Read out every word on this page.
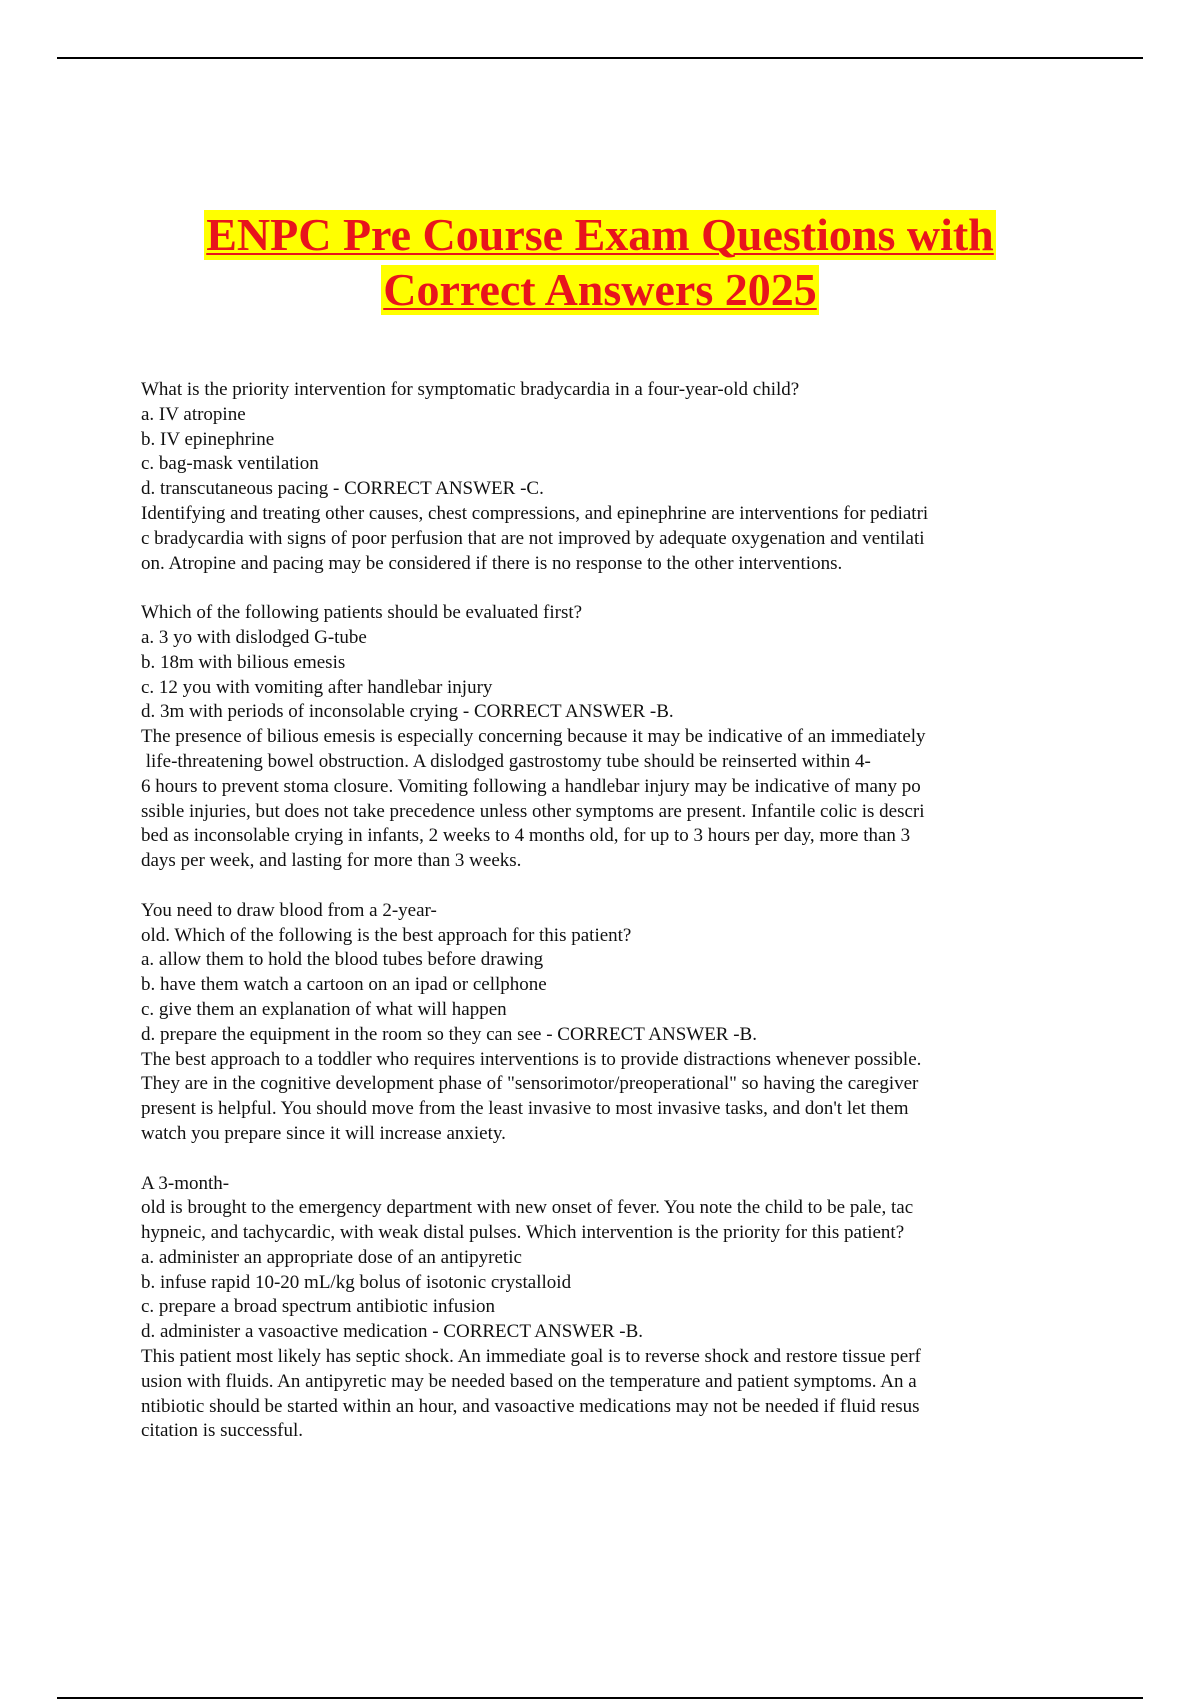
ENPC Pre Course Exam Questions with
Correct Answers 2025
What is the priority intervention for symptomatic bradycardia in a four-year-old child?
a. IV atropine
b. IV epinephrine
c. bag-mask ventilation
d. transcutaneous pacing - CORRECT ANSWER -C.
Identifying and treating other causes, chest compressions, and epinephrine are interventions for pediatri
c bradycardia with signs of poor perfusion that are not improved by adequate oxygenation and ventilati
on. Atropine and pacing may be considered if there is no response to the other interventions.
Which of the following patients should be evaluated first?
a. 3 yo with dislodged G-tube
b. 18m with bilious emesis
c. 12 you with vomiting after handlebar injury
d. 3m with periods of inconsolable crying - CORRECT ANSWER -B.
The presence of bilious emesis is especially concerning because it may be indicative of an immediately
life-threatening bowel obstruction. A dislodged gastrostomy tube should be reinserted within 4-
6 hours to prevent stoma closure. Vomiting following a handlebar injury may be indicative of many po
ssible injuries, but does not take precedence unless other symptoms are present. Infantile colic is descri
bed as inconsolable crying in infants, 2 weeks to 4 months old, for up to 3 hours per day, more than 3
days per week, and lasting for more than 3 weeks.
You need to draw blood from a 2-year-
old. Which of the following is the best approach for this patient?
a. allow them to hold the blood tubes before drawing
b. have them watch a cartoon on an ipad or cellphone
c. give them an explanation of what will happen
d. prepare the equipment in the room so they can see - CORRECT ANSWER -B.
The best approach to a toddler who requires interventions is to provide distractions whenever possible.
They are in the cognitive development phase of "sensorimotor/preoperational" so having the caregiver
present is helpful. You should move from the least invasive to most invasive tasks, and don't let them
watch you prepare since it will increase anxiety.
A 3-month-
old is brought to the emergency department with new onset of fever. You note the child to be pale, tac
hypneic, and tachycardic, with weak distal pulses. Which intervention is the priority for this patient?
a. administer an appropriate dose of an antipyretic
b. infuse rapid 10-20 mL/kg bolus of isotonic crystalloid
c. prepare a broad spectrum antibiotic infusion
d. administer a vasoactive medication - CORRECT ANSWER -B.
This patient most likely has septic shock. An immediate goal is to reverse shock and restore tissue perf
usion with fluids. An antipyretic may be needed based on the temperature and patient symptoms. An a
ntibiotic should be started within an hour, and vasoactive medications may not be needed if fluid resus
citation is successful.
